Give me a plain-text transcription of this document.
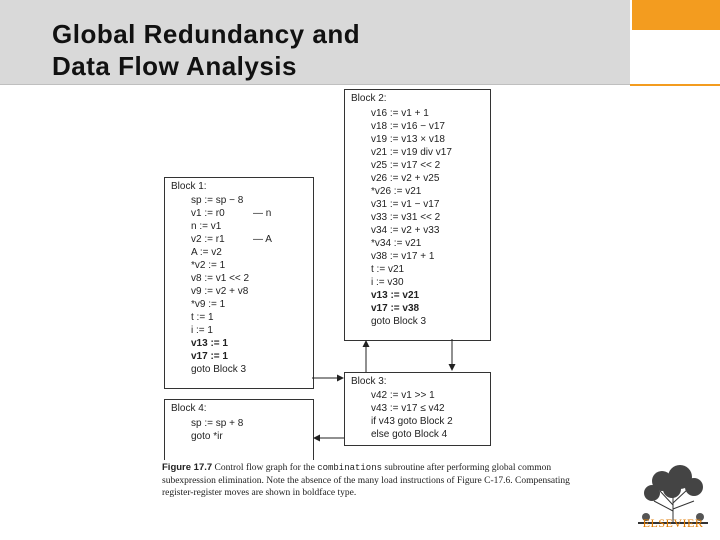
Global Redundancy and
Data Flow Analysis
Block 1:
sp := sp − 8
v1 := r0	— n
n := v1
v2 := r1	— A
A := v2
*v2 := 1
v8 := v1 << 2
v9 := v2 + v8
*v9 := 1
t := 1
i := 1
v13 := 1
v17 := 1
goto Block 3
Block 2:
v16 := v1 + 1
v18 := v16 − v17
v19 := v13 × v18
v21 := v19 div v17
v25 := v17 << 2
v26 := v2 + v25
*v26 := v21
v31 := v1 − v17
v33 := v31 << 2
v34 := v2 + v33
*v34 := v21
v38 := v17 + 1
t := v21
i := v30
v13 := v21
v17 := v38
goto Block 3
Block 3:
v42 := v1 >> 1
v43 := v17 ≤ v42
if v43 goto Block 2
else goto Block 4
Block 4:
sp := sp + 8
goto *ir
Figure 17.7 Control flow graph for the combinations subroutine after performing global common subexpression elimination. Note the absence of the many load instructions of Figure C-17.6. Compensating register-register moves are shown in boldface type.
ELSEVIER
